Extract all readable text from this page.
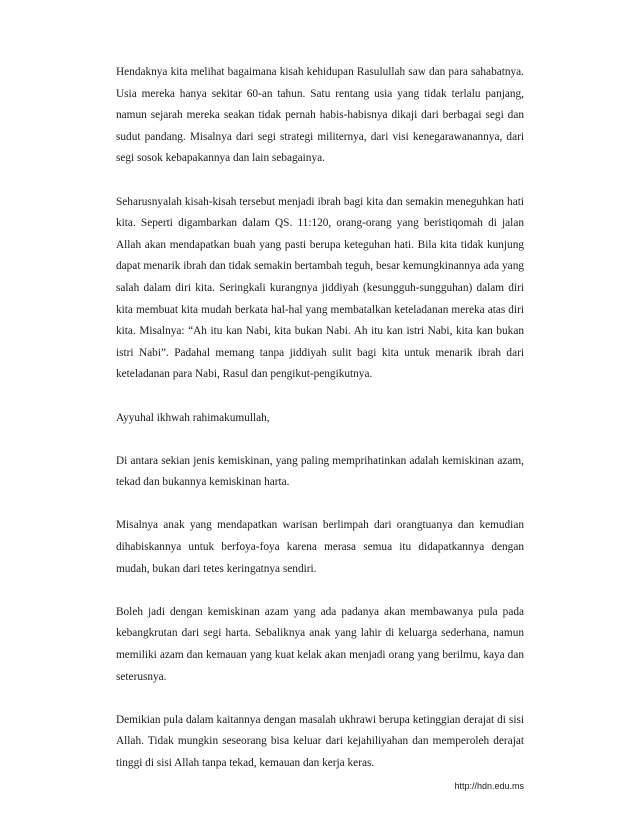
Hendaknya kita melihat bagaimana kisah kehidupan Rasulullah saw dan para sahabatnya. Usia mereka hanya sekitar 60-an tahun. Satu rentang usia yang tidak terlalu panjang, namun sejarah mereka seakan tidak pernah habis-habisnya dikaji dari berbagai segi dan sudut pandang. Misalnya dari segi strategi militernya, dari visi kenegarawanannya, dari segi sosok kebapakannya dan lain sebagainya.

Seharusnyalah kisah-kisah tersebut menjadi ibrah bagi kita dan semakin meneguhkan hati kita. Seperti digambarkan dalam QS. 11:120, orang-orang yang beristiqomah di jalan Allah akan mendapatkan buah yang pasti berupa keteguhan hati. Bila kita tidak kunjung dapat menarik ibrah dan tidak semakin bertambah teguh, besar kemungkinannya ada yang salah dalam diri kita. Seringkali kurangnya jiddiyah (kesungguh-sungguhan) dalam diri kita membuat kita mudah berkata hal-hal yang membatalkan keteladanan mereka atas diri kita. Misalnya: “Ah itu kan Nabi, kita bukan Nabi. Ah itu kan istri Nabi, kita kan bukan istri Nabi”. Padahal memang tanpa jiddiyah sulit bagi kita untuk menarik ibrah dari keteladanan para Nabi, Rasul dan pengikut-pengikutnya.

Ayyuhal ikhwah rahimakumullah,

Di antara sekian jenis kemiskinan, yang paling memprihatinkan adalah kemiskinan azam, tekad dan bukannya kemiskinan harta.

Misalnya anak yang mendapatkan warisan berlimpah dari orangtuanya dan kemudian dihabiskannya untuk berfoya-foya karena merasa semua itu didapatkannya dengan mudah, bukan dari tetes keringatnya sendiri.

Boleh jadi dengan kemiskinan azam yang ada padanya akan membawanya pula pada kebangkrutan dari segi harta. Sebaliknya anak yang lahir di keluarga sederhana, namun memiliki azam dan kemauan yang kuat kelak akan menjadi orang yang berilmu, kaya dan seterusnya.

Demikian pula dalam kaitannya dengan masalah ukhrawi berupa ketinggian derajat di sisi Allah. Tidak mungkin seseorang bisa keluar dari kejahiliyahan dan memperoleh derajat tinggi di sisi Allah tanpa tekad, kemauan dan kerja keras.

http://hdn.edu.ms
